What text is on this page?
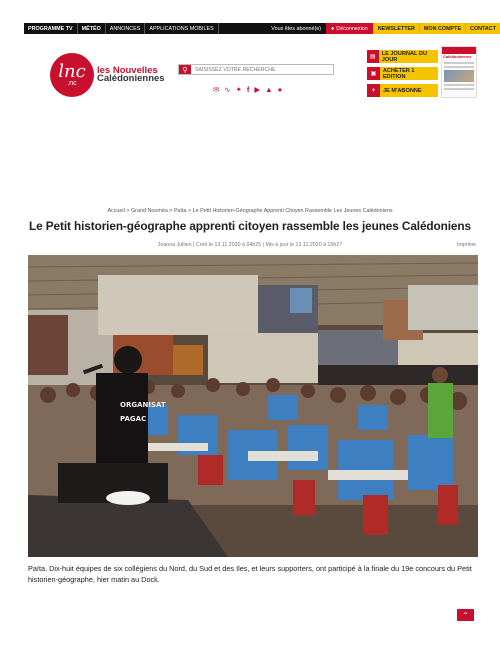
PROGRAMME TV	MÉTÉO	ANNONCES	APPLICATIONS MOBILES	Vous êtes abonné(e)	● Déconnexion	NEWSLETTER	MON COMPTE	CONTACT
lnc
.nc
les Nouvelles
Calédoniennes
⚲
SAISISSEZ VOTRE RECHERCHE
✉ ∿ ✦ f ▶ ▲ ●
▤
LE JOURNAL DU JOUR
▣
ACHETER 1 EDITION
+	JE M'ABONNE
Calédoniennes
Accueil > Grand Nouméa > Païta > Le Petit Historien-Géographe Apprenti Citoyen Rassemble Les Jeunes Calédoniens
Le Petit historien-géographe apprenti citoyen rassemble les jeunes Calédoniens
Joanna Jullien | Créé le 13.11.2020 à 04h25 | Mis à jour le 13.11.2020 à 15h27	Imprime
ORGANISAT
PAGAC

Païta. Dix-huit équipes de six collégiens du Nord, du Sud et des Iles, et leurs supporters, ont participé à la finale du 19e concours du Petit historien-géographe, hier matin au Dock.

⌃
